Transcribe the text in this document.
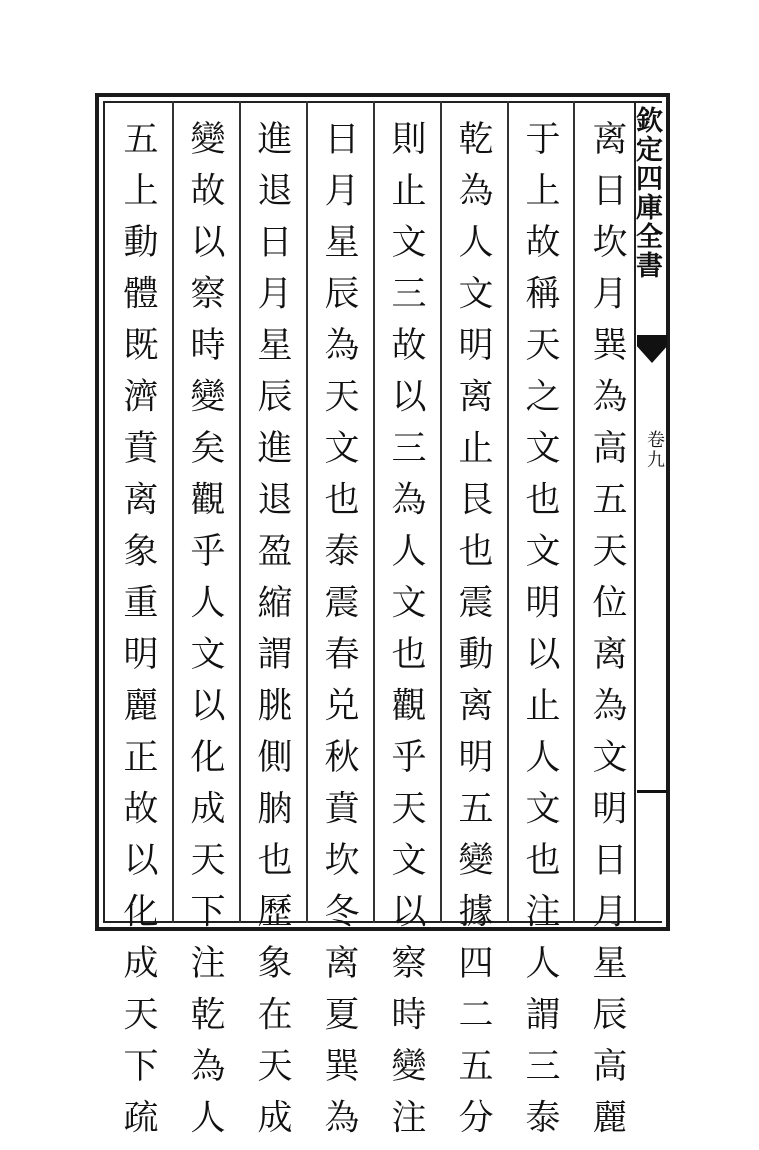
离日坎月巽為高五天位离為文明日月星辰高麗
于上故稱天之文也文明以止人文也注人謂三泰
乾為人文明离止艮也震動离明五變據四二五分
則止文三故以三為人文也觀乎天文以察時變注
日月星辰為天文也泰震春兑秋賁坎冬离夏巽為
進退日月星辰進退盈縮謂朓側朒也歷象在天成
變故以察時變矣觀乎人文以化成天下注乾為人
五上動體既濟賁离象重明麗正故以化成天下疏	欽定四庫全書
卷九
